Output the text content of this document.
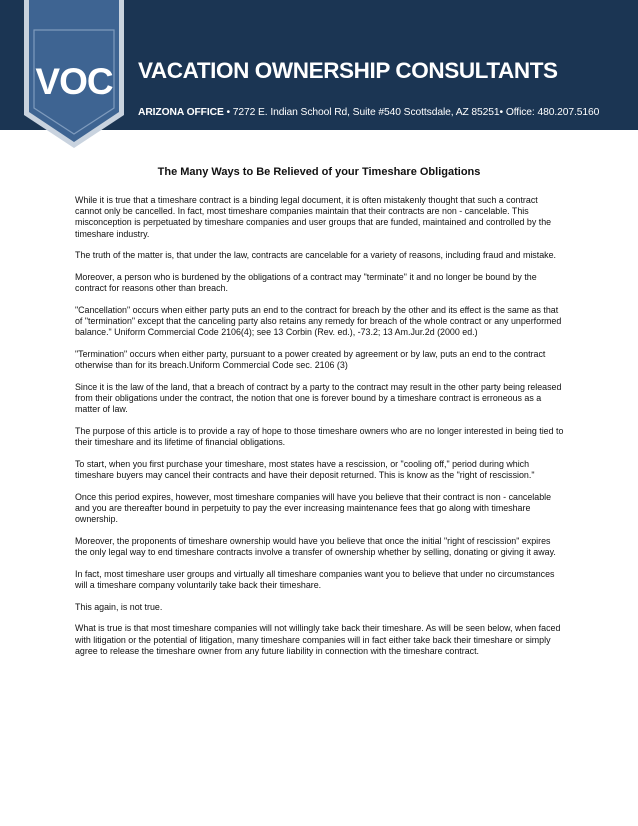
VOC VACATION OWNERSHIP CONSULTANTS
ARIZONA OFFICE • 7272 E. Indian School Rd, Suite #540 Scottsdale, AZ 85251• Office: 480.207.5160
The Many Ways to Be Relieved of your Timeshare Obligations

While it is true that a timeshare contract is a binding legal document, it is often mistakenly thought that such a contract cannot only be cancelled. In fact, most timeshare companies maintain that their contracts are non - cancelable. This misconception is perpetuated by timeshare companies and user groups that are funded, maintained and controlled by the timeshare industry.

The truth of the matter is, that under the law, contracts are cancelable for a variety of reasons, including fraud and mistake.

Moreover, a person who is burdened by the obligations of a contract may "terminate" it and no longer be bound by the contract for reasons other than breach.

"Cancellation" occurs when either party puts an end to the contract for breach by the other and its effect is the same as that of "termination" except that the canceling party also retains any remedy for breach of the whole contract or any unperformed balance." Uniform Commercial Code 2106(4); see 13 Corbin (Rev. ed.), -73.2; 13 Am.Jur.2d (2000 ed.)

"Termination" occurs when either party, pursuant to a power created by agreement or by law, puts an end to the contract otherwise than for its breach.Uniform Commercial Code sec. 2106 (3)

Since it is the law of the land, that a breach of contract by a party to the contract may result in the other party being released from their obligations under the contract, the notion that one is forever bound by a timeshare contract is erroneous as a matter of law.

The purpose of this article is to provide a ray of hope to those timeshare owners who are no longer interested in being tied to their timeshare and its lifetime of financial obligations.

To start, when you first purchase your timeshare, most states have a rescission, or "cooling off," period during which timeshare buyers may cancel their contracts and have their deposit returned. This is know as the "right of rescission."

Once this period expires, however, most timeshare companies will have you believe that their contract is non - cancelable and you are thereafter bound in perpetuity to pay the ever increasing maintenance fees that go along with timeshare ownership.

Moreover, the proponents of timeshare ownership would have you believe that once the initial "right of rescission" expires the only legal way to end timeshare contracts involve a transfer of ownership whether by selling, donating or giving it away.

In fact, most timeshare user groups and virtually all timeshare companies want you to believe that under no circumstances will a timeshare company voluntarily take back their timeshare.

This again, is not true.

What is true is that most timeshare companies will not willingly take back their timeshare. As will be seen below, when faced with litigation or the potential of litigation, many timeshare companies will in fact either take back their timeshare or simply agree to release the timeshare owner from any future liability in connection with the timeshare contract.
